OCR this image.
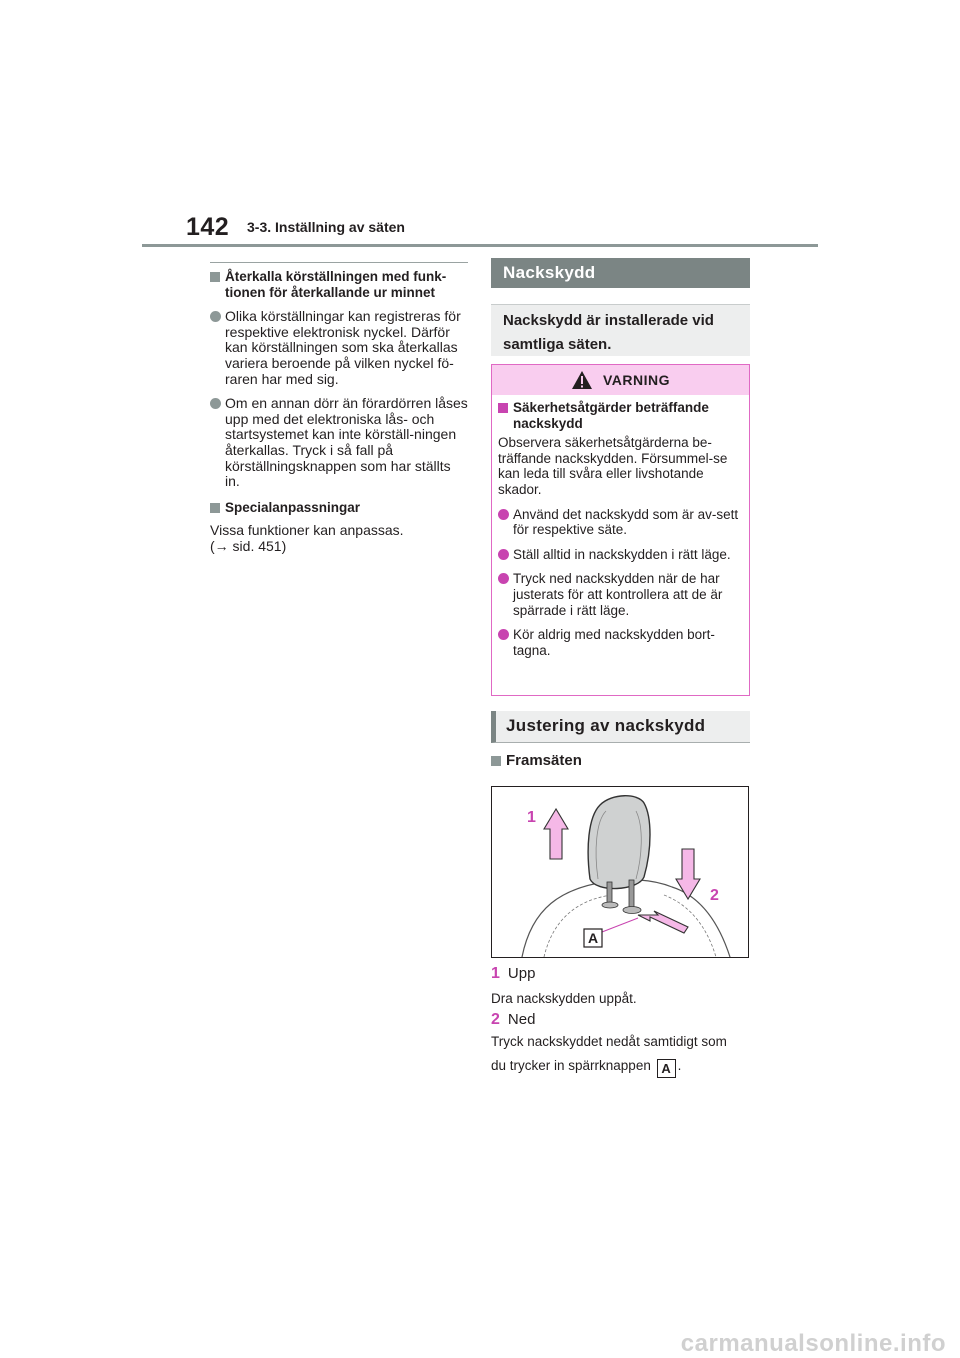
142 3-3. Inställning av säten
Återkalla körställningen med funk-tionen för återkallande ur minnet
Olika körställningar kan registreras för respektive elektronisk nyckel. Därför kan körställningen som ska återkallas variera beroende på vilken nyckel fö-raren har med sig.
Om en annan dörr än förardörren låses upp med det elektroniska lås- och startsystemet kan inte körställ-ningen återkallas. Tryck i så fall på körställningsknappen som har ställts in.
Specialanpassningar
Vissa funktioner kan anpassas.
(→ sid. 451)
Nackskydd
Nackskydd är installerade vid samtliga säten.
VARNING
Säkerhetsåtgärder beträffande nackskydd
Observera säkerhetsåtgärderna be-träffande nackskydden. Försummel-se kan leda till svåra eller livshotande skador.
Använd det nackskydd som är av-sett för respektive säte.
Ställ alltid in nackskydden i rätt läge.
Tryck ned nackskydden när de har justerats för att kontrollera att de är spärrade i rätt läge.
Kör aldrig med nackskydden bort-tagna.
Justering av nackskydd
Framsäten
1
2
A
1 Upp
Dra nackskydden uppåt.
2 Ned
Tryck nackskyddet nedåt samtidigt som
du trycker in spärrknappen A .
carmanualsonline.info
